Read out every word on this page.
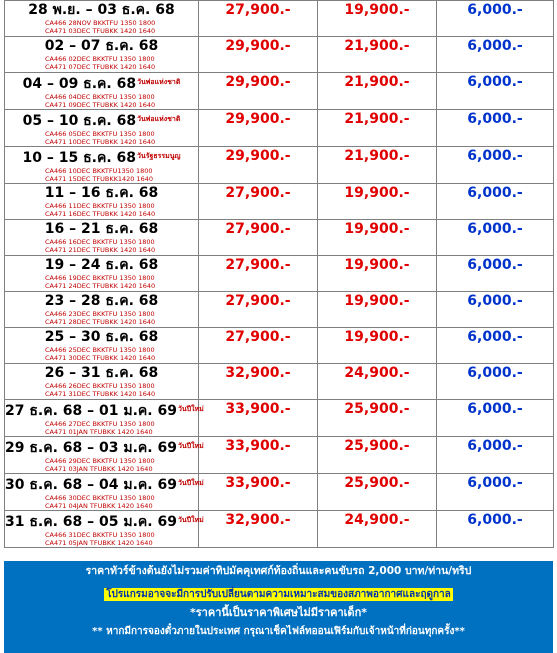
28 พ.ย. – 03 ธ.ค. 68
CA466 28NOV BKKTFU 1350 1800
CA471 03DEC TFUBKK 1420 1640	27,900.-	19,900.-	6,000.-

02 – 07 ธ.ค. 68
CA466 02DEC BKKTFU 1350 1800
CA471 07DEC TFUBKK 1420 1640	29,900.-	21,900.-	6,000.-

04 – 09 ธ.ค. 68$^{วันพ่อแห่งชาติ}$
CA466 04DEC BKKTFU 1350 1800
CA471 09DEC TFUBKK 1420 1640	29,900.-	21,900.-	6,000.-

05 – 10 ธ.ค. 68$^{วันพ่อแห่งชาติ}$
CA466 05DEC BKKTFU 1350 1800
CA471 10DEC TFUBKK 1420 1640	29,900.-	21,900.-	6,000.-

10 – 15 ธ.ค. 68$^{วันรัฐธรรมนูญ}$
CA466 10DEC BKKTFU1350 1800
CA471 15DEC TFUBKK1420 1640	29,900.-	21,900.-	6,000.-

11 – 16 ธ.ค. 68
CA466 11DEC BKKTFU 1350 1800
CA471 16DEC TFUBKK 1420 1640	27,900.-	19,900.-	6,000.-

16 – 21 ธ.ค. 68
CA466 16DEC BKKTFU 1350 1800
CA471 21DEC TFUBKK 1420 1640	27,900.-	19,900.-	6,000.-

19 – 24 ธ.ค. 68
CA466 19DEC BKKTFU 1350 1800
CA471 24DEC TFUBKK 1420 1640	27,900.-	19,900.-	6,000.-

23 – 28 ธ.ค. 68
CA466 23DEC BKKTFU 1350 1800
CA471 28DEC TFUBKK 1420 1640	27,900.-	19,900.-	6,000.-

25 – 30 ธ.ค. 68
CA466 25DEC BKKTFU 1350 1800
CA471 30DEC TFUBKK 1420 1640	27,900.-	19,900.-	6,000.-

26 – 31 ธ.ค. 68
CA466 26DEC BKKTFU 1350 1800
CA471 31DEC TFUBKK 1420 1640	32,900.-	24,900.-	6,000.-

27 ธ.ค. 68 – 01 ม.ค. 69$^{วันปีใหม่}$
CA466 27DEC BKKTFU 1350 1800
CA471 01JAN TFUBKK 1420 1640	33,900.-	25,900.-	6,000.-

29 ธ.ค. 68 – 03 ม.ค. 69$^{วันปีใหม่}$
CA466 29DEC BKKTFU 1350 1800
CA471 03JAN TFUBKK 1420 1640	33,900.-	25,900.-	6,000.-

30 ธ.ค. 68 – 04 ม.ค. 69$^{วันปีใหม่}$
CA466 30DEC BKKTFU 1350 1800
CA471 04JAN TFUBKK 1420 1640	33,900.-	25,900.-	6,000.-

31 ธ.ค. 68 – 05 ม.ค. 69$^{วันปีใหม่}$
CA466 31DEC BKKTFU 1350 1800
CA471 05JAN TFUBKK 1420 1640	32,900.-	24,900.-	6,000.-
ราคาทัวร์ข้างต้นยังไม่รวมค่าทิปมัคคุเทศก์ท้องถิ่นและคนขับรถ 2,000 บาท/ท่าน/ทริป
โปรแกรมอาจจะมีการปรับเปลี่ยนตามความเหมาะสมของสภาพอากาศและฤดูกาล
*ราคานี้เป็นราคาพิเศษไม่มีราคาเด็ก*
** หากมีการจองตั๋วภายในประเทศ กรุณาเช็คไฟล์ทออนเฟิร์มกับเจ้าหน้าที่ก่อนทุกครั้ง**
